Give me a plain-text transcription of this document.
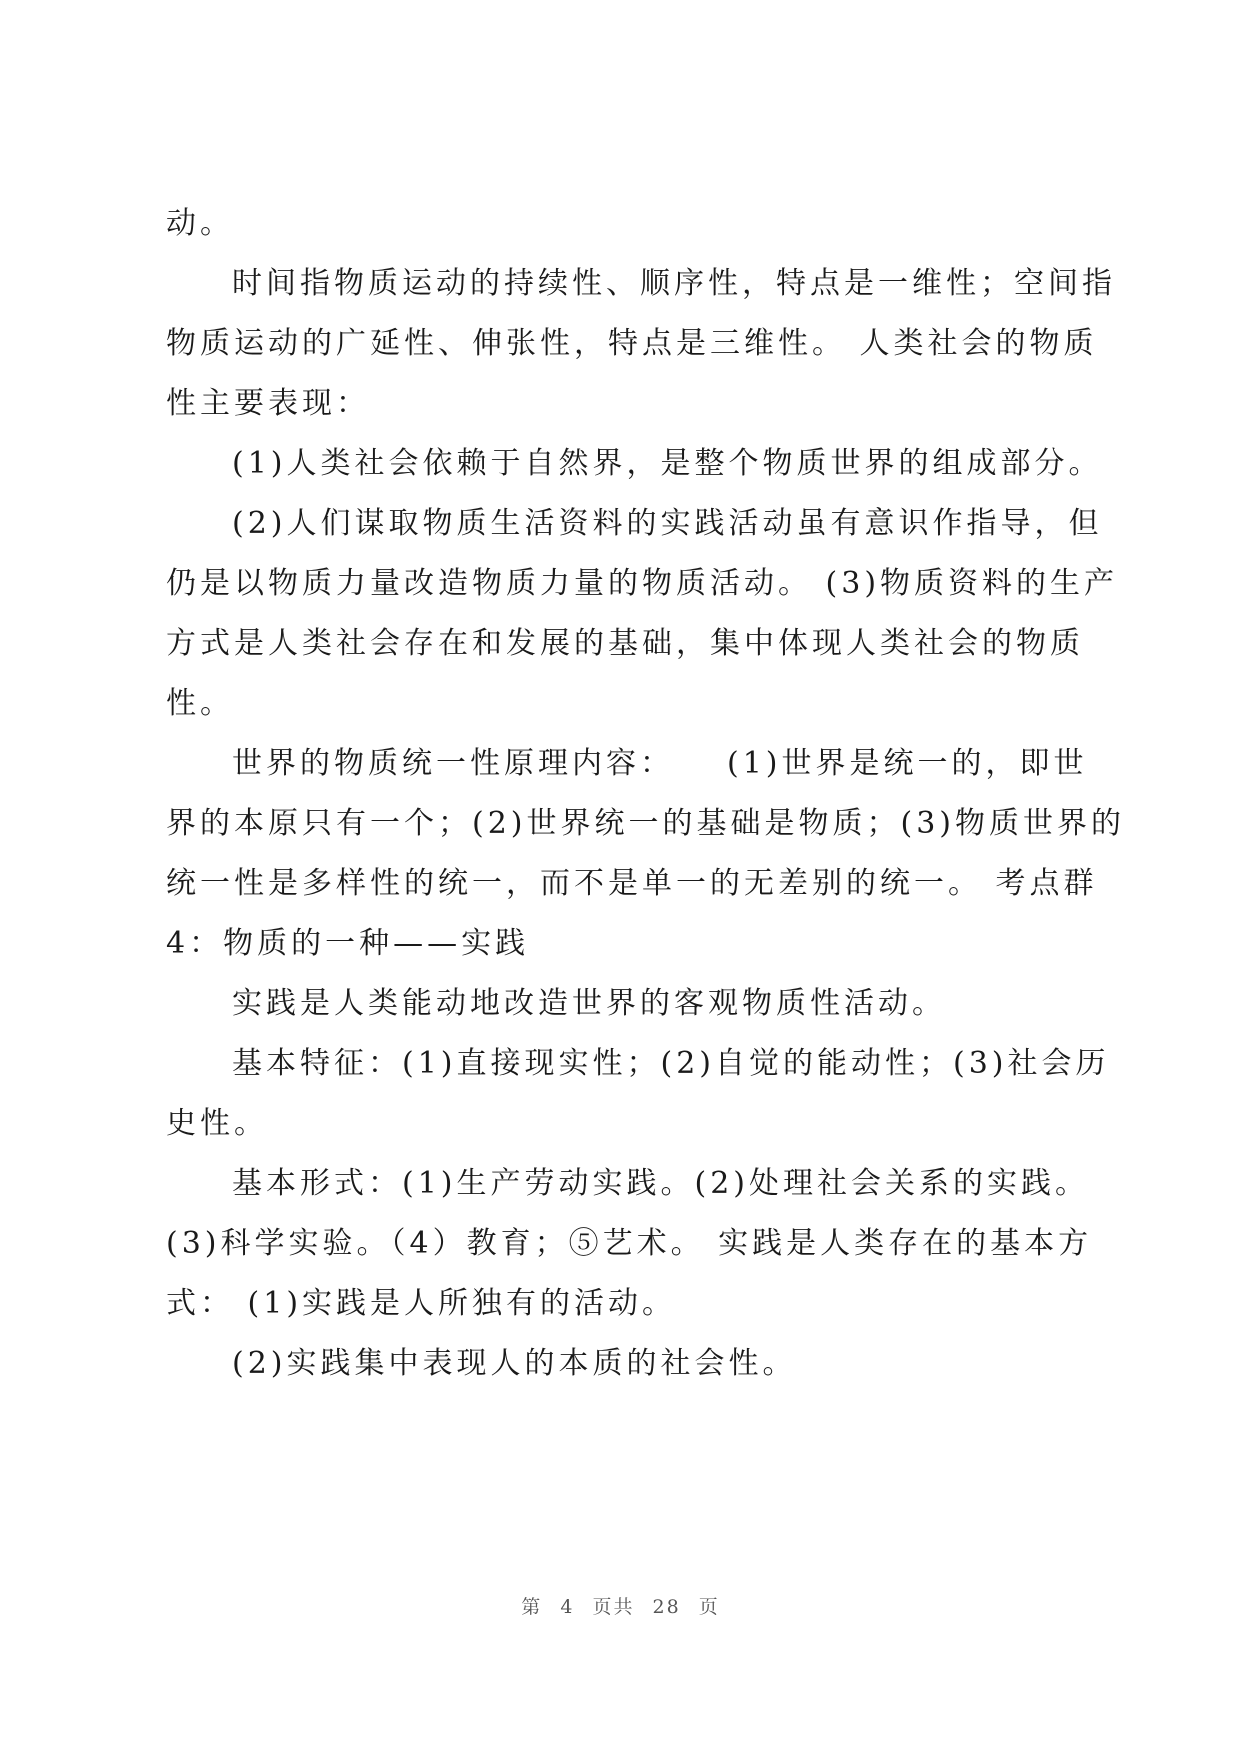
动。

时间指物质运动的持续性、顺序性，特点是一维性；空间指

物质运动的广延性、伸张性，特点是三维性。 人类社会的物质

性主要表现：

(1)人类社会依赖于自然界，是整个物质世界的组成部分。

(2)人们谋取物质生活资料的实践活动虽有意识作指导，但

仍是以物质力量改造物质力量的物质活动。 (3)物质资料的生产

方式是人类社会存在和发展的基础，集中体现人类社会的物质

性。

世界的物质统一性原理内容：　　(1)世界是统一的，即世

界的本原只有一个；(2)世界统一的基础是物质；(3)物质世界的

统一性是多样性的统一，而不是单一的无差别的统一。 考点群

4：物质的一种——实践

实践是人类能动地改造世界的客观物质性活动。

基本特征：(1)直接现实性；(2)自觉的能动性；(3)社会历

史性。

基本形式：(1)生产劳动实践。(2)处理社会关系的实践。

(3)科学实验。（4）教育；⑤艺术。 实践是人类存在的基本方

式： (1)实践是人所独有的活动。

(2)实践集中表现人的本质的社会性。

第 4 页共 28 页
